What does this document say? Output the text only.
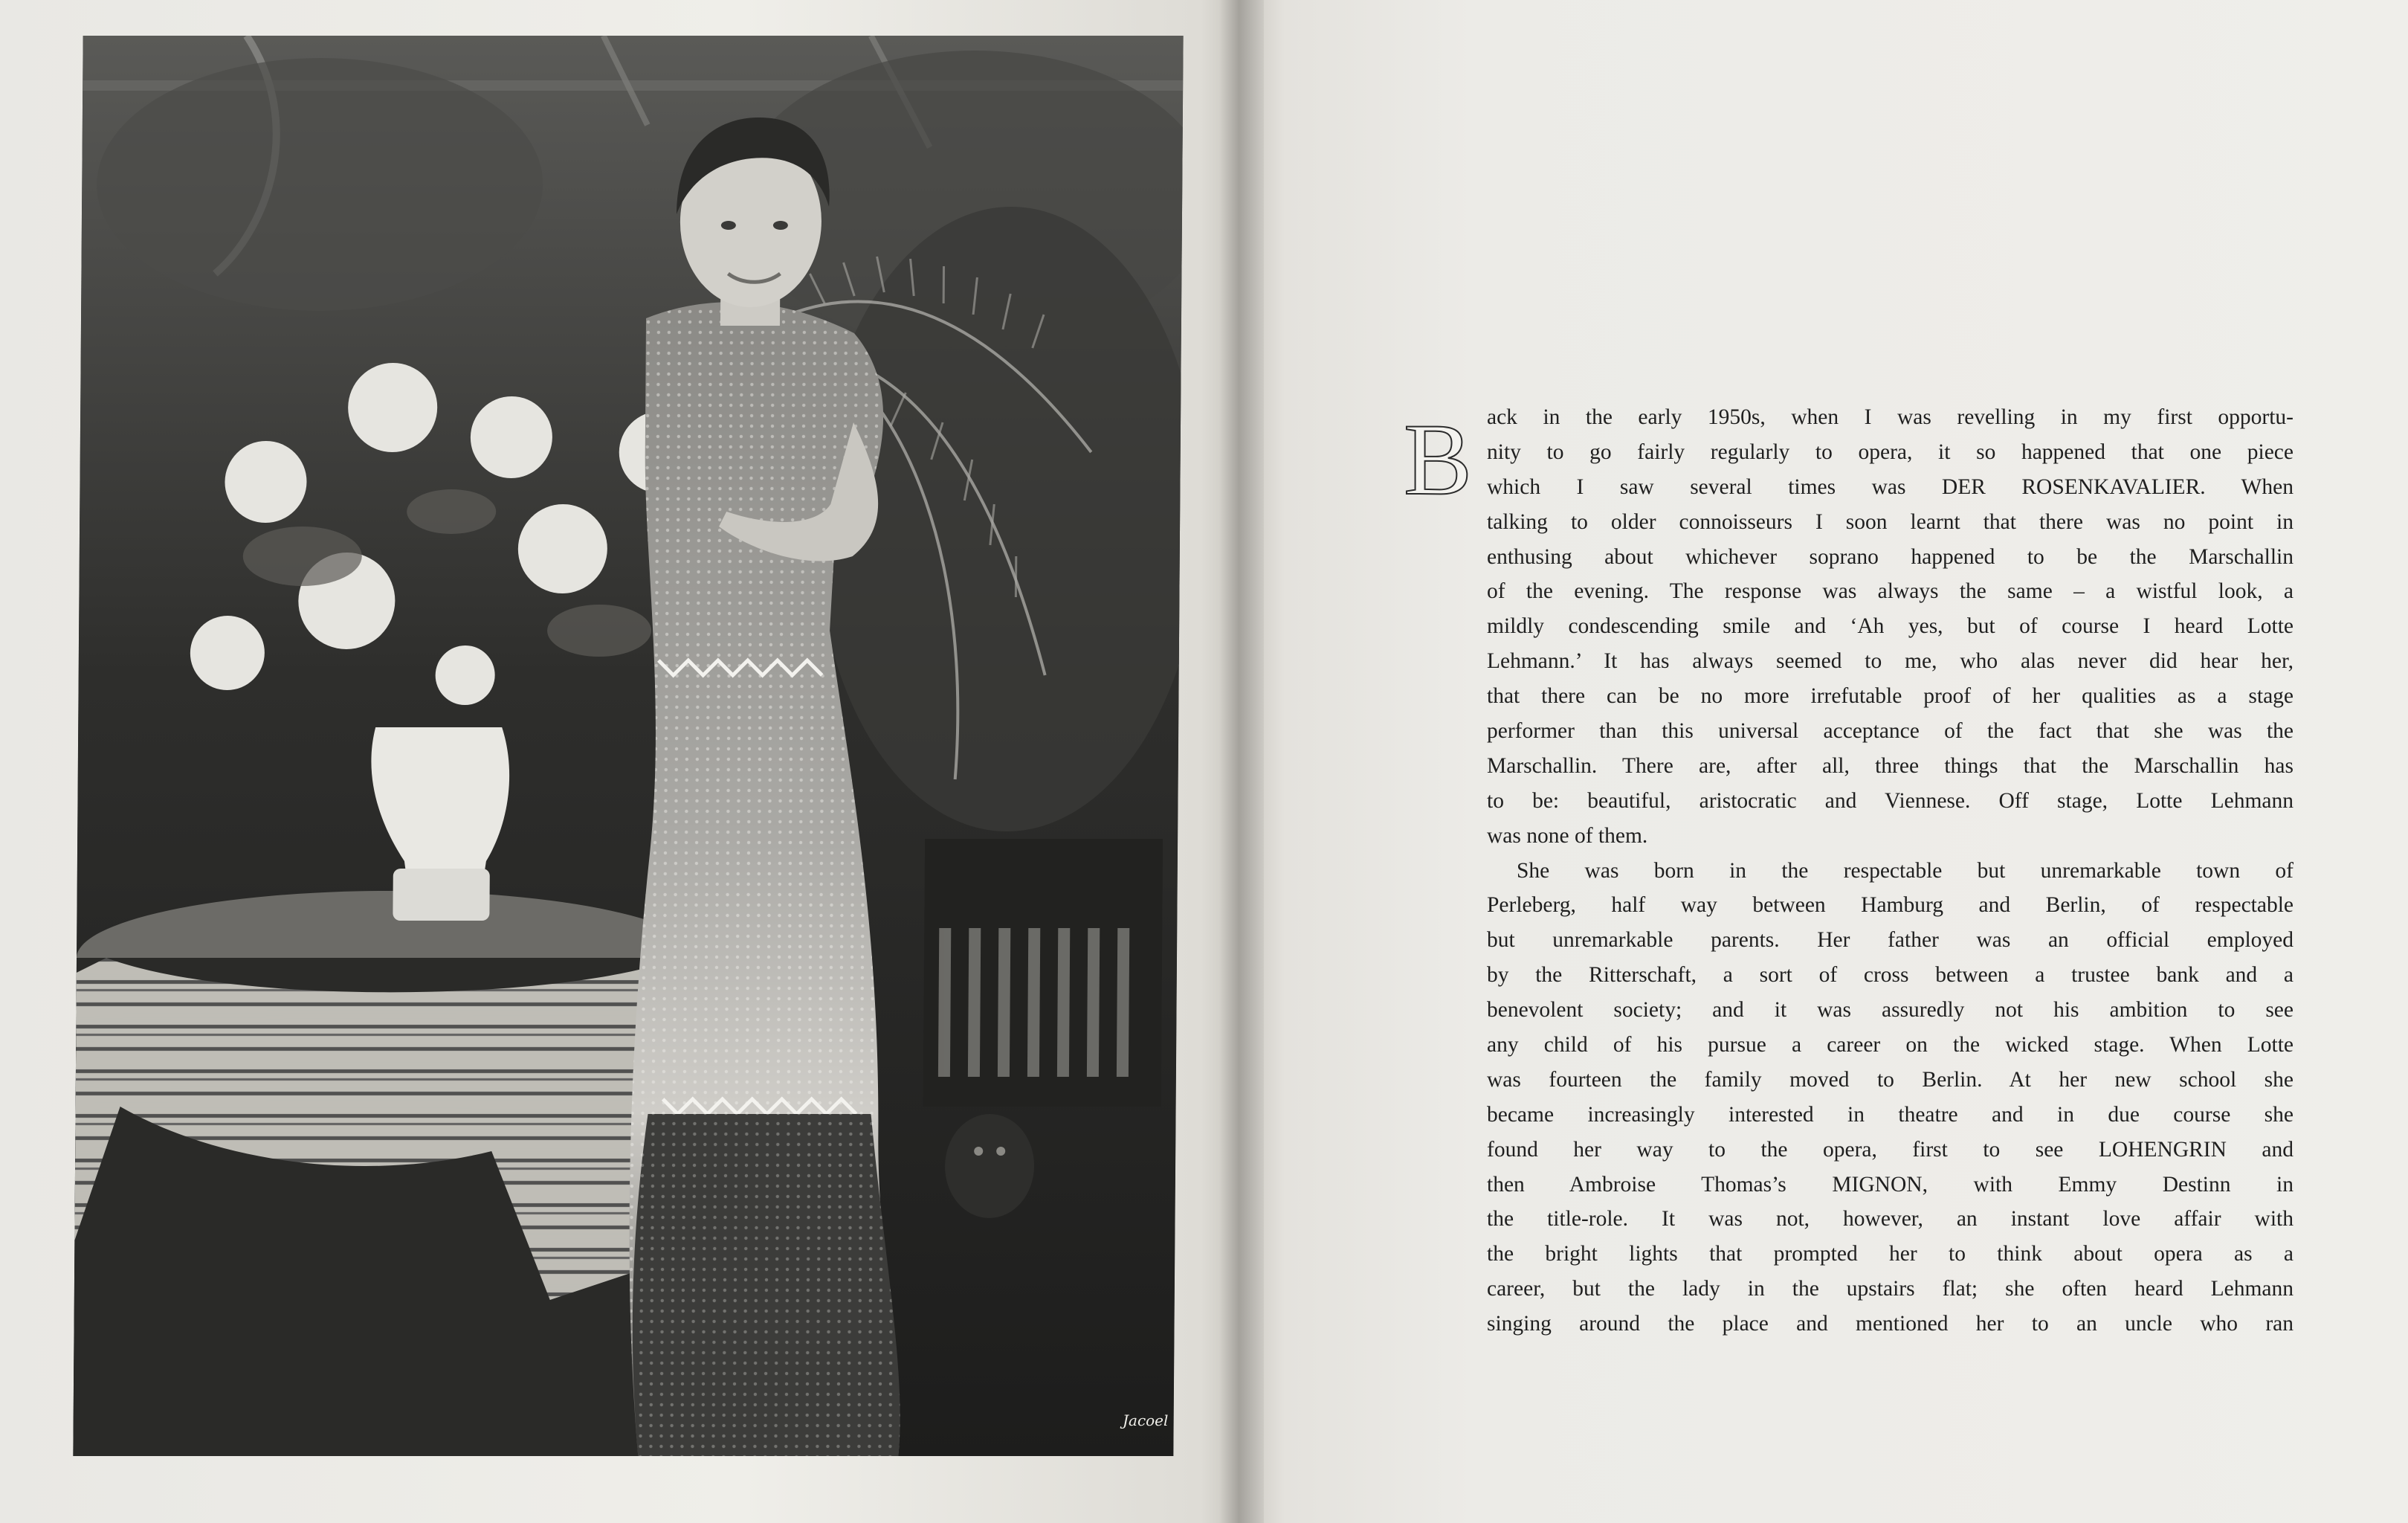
Jacoel
B ack in the early 1950s, when I was revelling in my first opportu-
nity to go fairly regularly to opera, it so happened that one piece
which I saw several times was DER ROSENKAVALIER. When
talking to older connoisseurs I soon learnt that there was no point in
enthusing about whichever soprano happened to be the Marschallin
of the evening. The response was always the same – a wistful look, a
mildly condescending smile and ‘Ah yes, but of course I heard Lotte
Lehmann.’ It has always seemed to me, who alas never did hear her,
that there can be no more irrefutable proof of her qualities as a stage
performer than this universal acceptance of the fact that she was the
Marschallin. There are, after all, three things that the Marschallin has
to be: beautiful, aristocratic and Viennese. Off stage, Lotte Lehmann
was none of them.
She was born in the respectable but unremarkable town of
Perleberg, half way between Hamburg and Berlin, of respectable
but unremarkable parents. Her father was an official employed
by the Ritterschaft, a sort of cross between a trustee bank and a
benevolent society; and it was assuredly not his ambition to see
any child of his pursue a career on the wicked stage. When Lotte
was fourteen the family moved to Berlin. At her new school she
became increasingly interested in theatre and in due course she
found her way to the opera, first to see LOHENGRIN and
then Ambroise Thomas’s MIGNON, with Emmy Destinn in
the title-role. It was not, however, an instant love affair with
the bright lights that prompted her to think about opera as a
career, but the lady in the upstairs flat; she often heard Lehmann
singing around the place and mentioned her to an uncle who ran
